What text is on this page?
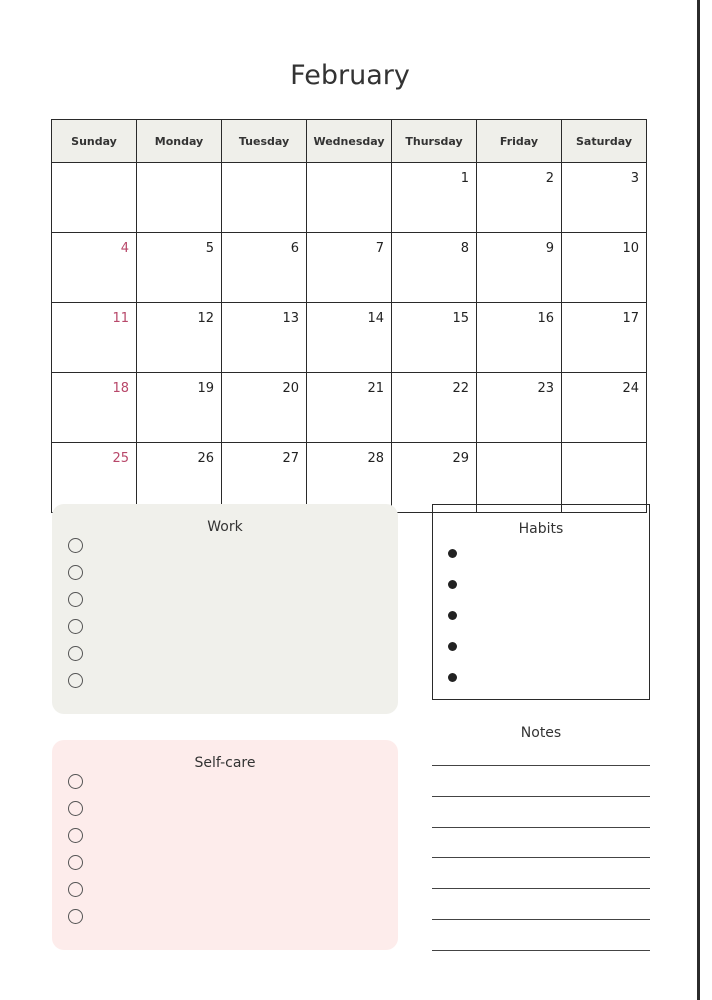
February
Sunday	Monday	Tuesday	Wednesday	Thursday	Friday	Saturday
				1	2	3
4	5	6	7	8	9	10
11	12	13	14	15	16	17
18	19	20	21	22	23	24
25	26	27	28	29		
Work
Self-care
Habits
Notes
